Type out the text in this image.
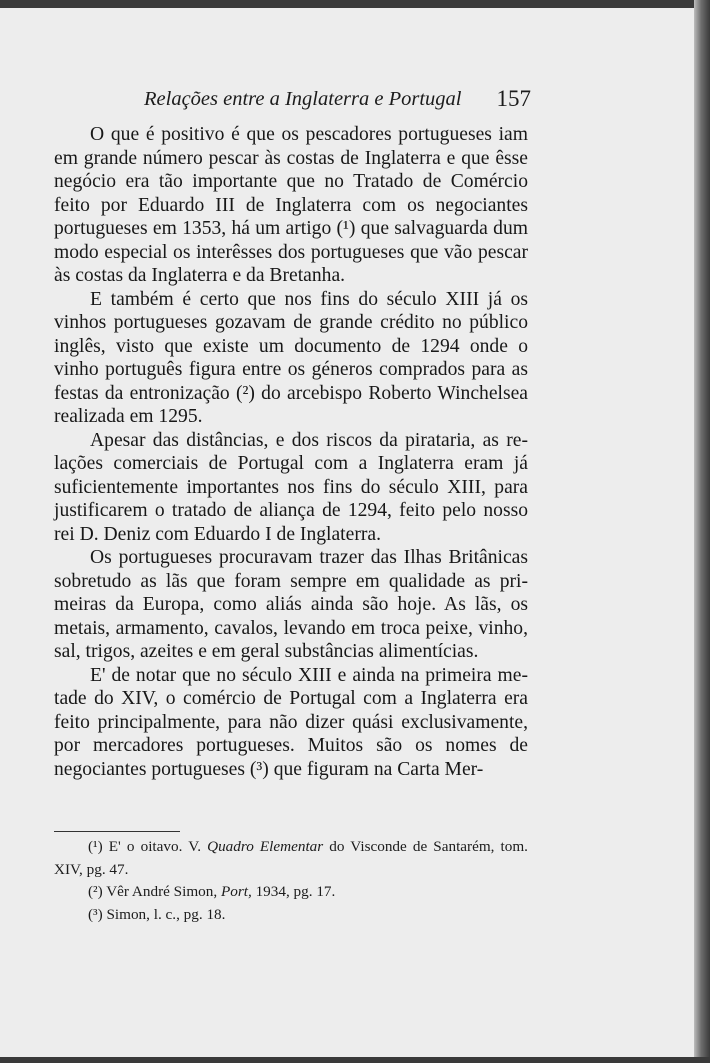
Relações entre a Inglaterra e Portugal 157

O que é positivo é que os pescadores portugueses iam em grande número pescar às costas de Inglaterra e que êsse negócio era tão importante que no Tratado de Comércio feito por Eduardo III de Inglaterra com os negociantes portugueses em 1353, há um artigo (¹) que salvaguarda dum modo especial os interêsses dos portugueses que vão pescar às costas da Inglaterra e da Bretanha.

E também é certo que nos fins do século XIII já os vinhos portugueses gozavam de grande crédito no público inglês, visto que existe um documento de 1294 onde o vinho português figura entre os géneros comprados para as festas da entronização (²) do arcebispo Roberto Winchelsea realizada em 1295.

Apesar das distâncias, e dos riscos da pirataria, as relações comerciais de Portugal com a Inglaterra eram já suficientemente importantes nos fins do século XIII, para justificarem o tratado de aliança de 1294, feito pelo nosso rei D. Deniz com Eduardo I de Inglaterra.

Os portugueses procuravam trazer das Ilhas Britânicas sobretudo as lãs que foram sempre em qualidade as primeiras da Europa, como aliás ainda são hoje. As lãs, os metais, armamento, cavalos, levando em troca peixe, vinho, sal, trigos, azeites e em geral substâncias alimentícias.

E' de notar que no século XIII e ainda na primeira metade do XIV, o comércio de Portugal com a Inglaterra era feito principalmente, para não dizer quási exclusivamente, por mercadores portugueses. Muitos são os nomes de negociantes portugueses (³) que figuram na Carta Mer-

(¹) E' o oitavo. V. Quadro Elementar do Visconde de Santarém, tom. XIV, pg. 47.

(²) Vêr André Simon, Port, 1934, pg. 17.

(³) Simon, l. c., pg. 18.
